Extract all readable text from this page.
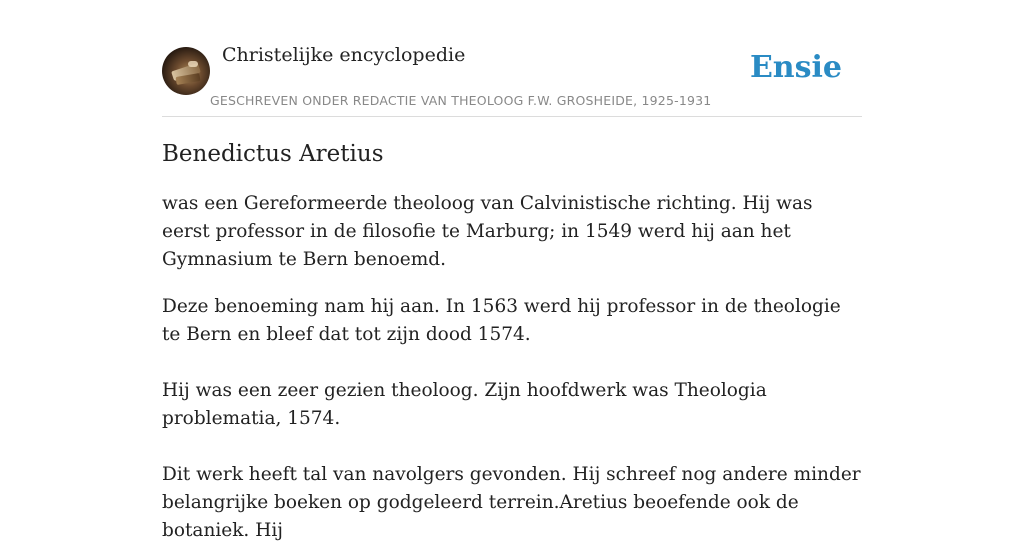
Christelijke encyclopedie
GESCHREVEN ONDER REDACTIE VAN THEOLOOG F.W. GROSHEIDE, 1925-1931
Ensie
Benedictus Aretius

was een Gereformeerde theoloog van Calvinistische richting. Hij was eerst professor in de filosofie te Marburg; in 1549 werd hij aan het Gymnasium te Bern benoemd.

Deze benoeming nam hij aan. In 1563 werd hij professor in de theologie te Bern en bleef dat tot zijn dood 1574.

Hij was een zeer gezien theoloog. Zijn hoofdwerk was Theologia problematia, 1574.

Dit werk heeft tal van navolgers gevonden. Hij schreef nog andere minder belangrijke boeken op godgeleerd terrein.Aretius beoefende ook de botaniek. Hij
